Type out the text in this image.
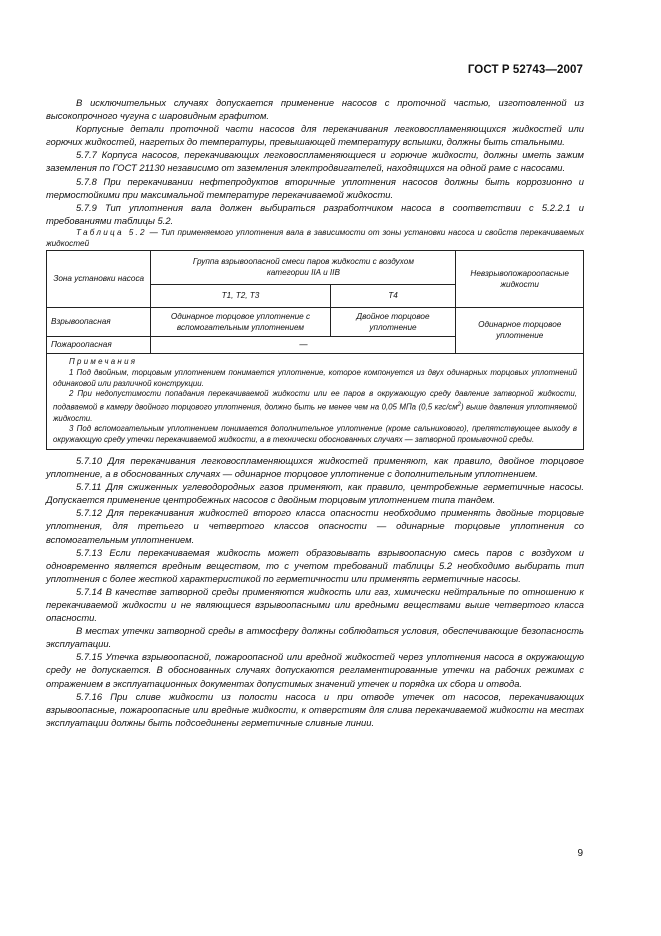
ГОСТ Р 52743—2007

В исключительных случаях допускается применение насосов с проточной частью, изготовленной из высокопрочного чугуна с шаровидным графитом.

Корпусные детали проточной части насосов для перекачивания легковоспламеняющихся жидкостей или горючих жидкостей, нагретых до температуры, превышающей температуру вспышки, должны быть стальными.

5.7.7 Корпуса насосов, перекачивающих легковоспламеняющиеся и горючие жидкости, должны иметь зажим заземления по ГОСТ 21130 независимо от заземления электродвигателей, находящихся на одной раме с насосами.

5.7.8 При перекачивании нефтепродуктов вторичные уплотнения насосов должны быть коррозионно и термостойкими при максимальной температуре перекачиваемой жидкости.

5.7.9 Тип уплотнения вала должен выбираться разработчиком насоса в соответствии с 5.2.2.1 и требованиями таблицы 5.2.

Таблица 5.2 — Тип применяемого уплотнения вала в зависимости от зоны установки насоса и свойств перекачиваемых жидкостей

Зона установки насоса	Группа взрывоопасной смеси паров жидкости с воздухом категории IIA и IIB		Невзрывопожароопасные жидкости
	T1, T2, T3	T4	
Взрывоопасная	Одинарное торцовое уплотнение с вспомогательным уплотнением	Двойное торцовое уплотнение	Одинарное торцовое уплотнение
Пожароопасная	—		

Примечания
1 Под двойным, торцовым уплотнением понимается уплотнение, которое компонуется из двух одинарных торцовых уплотнений одинаковой или различной конструкции.
2 При недопустимости попадания перекачиваемой жидкости или ее паров в окружающую среду давление затворной жидкости, подаваемой в камеру двойного торцового уплотнения, должно быть не менее чем на 0,05 МПа (0,5 кгс/$см^2$) выше давления уплотняемой жидкости.
3 Под вспомогательным уплотнением понимается дополнительное уплотнение (кроме сальникового), препятствующее выходу в окружающую среду утечки перекачиваемой жидкости, а в технически обоснованных случаях — затворной промывочной среды.			

5.7.10 Для перекачивания легковоспламеняющихся жидкостей применяют, как правило, двойное торцовое уплотнение, а в обоснованных случаях — одинарное торцовое уплотнение с дополнительным уплотнением.

5.7.11 Для сжиженных углеводородных газов применяют, как правило, центробежные герметичные насосы. Допускается применение центробежных насосов с двойным торцовым уплотнением типа тандем.

5.7.12 Для перекачивания жидкостей второго класса опасности необходимо применять двойные торцовые уплотнения, для третьего и четвертого классов опасности — одинарные торцовые уплотнения со вспомогательным уплотнением.

5.7.13 Если перекачиваемая жидкость может образовывать взрывоопасную смесь паров с воздухом и одновременно является вредным веществом, то с учетом требований таблицы 5.2 необходимо выбирать тип уплотнения с более жесткой характеристикой по герметичности или применять герметичные насосы.

5.7.14 В качестве затворной среды применяются жидкость или газ, химически нейтральные по отношению к перекачиваемой жидкости и не являющиеся взрывоопасными или вредными веществами выше четвертого класса опасности.

В местах утечки затворной среды в атмосферу должны соблюдаться условия, обеспечивающие безопасность эксплуатации.

5.7.15 Утечка взрывоопасной, пожароопасной или вредной жидкостей через уплотнения насоса в окружающую среду не допускается. В обоснованных случаях допускаются регламентированные утечки на рабочих режимах с отражением в эксплуатационных документах допустимых значений утечек и порядка их сбора и отвода.

5.7.16 При сливе жидкости из полости насоса и при отводе утечек от насосов, перекачивающих взрывоопасные, пожароопасные или вредные жидкости, к отверстиям для слива перекачиваемой жидкости на местах эксплуатации должны быть подсоединены герметичные сливные линии.

9
